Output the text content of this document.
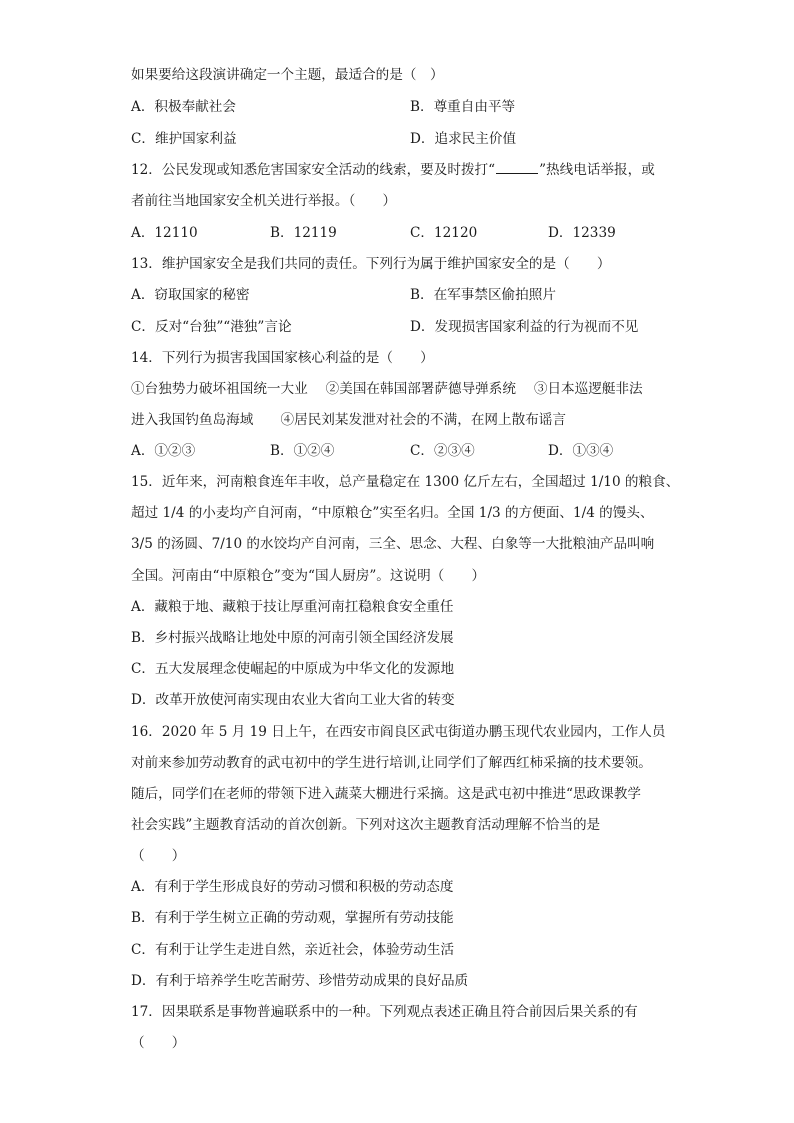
如果要给这段演讲确定一个主题，最适合的是（　）
A．积极奉献社会	B．尊重自由平等
C．维护国家利益	D．追求民主价值
12．公民发现或知悉危害国家安全活动的线索，要及时拨打“	”热线电话举报，或
者前往当地国家安全机关进行举报。（　　）
A．12110	B．12119	C．12120	D．12339
13．维护国家安全是我们共同的责任。下列行为属于维护国家安全的是（　　）
A．窃取国家的秘密	B．在军事禁区偷拍照片
C．反对“台独”“港独”言论	D．发现损害国家利益的行为视而不见
14．下列行为损害我国国家核心利益的是（　　）
①台独势力破坏祖国统一大业　 ②美国在韩国部署萨德导弹系统　 ③日本巡逻艇非法
进入我国钓鱼岛海域　　④居民刘某发泄对社会的不满，在网上散布谣言
A．①②③	B．①②④	C．②③④	D．①③④
15．近年来，河南粮食连年丰收，总产量稳定在 1300 亿斤左右，全国超过 1/10 的粮食、
超过 1/4 的小麦均产自河南，“中原粮仓”实至名归。全国 1/3 的方便面、1/4 的馒头、
3/5 的汤圆、7/10 的水饺均产自河南，三全、思念、大程、白象等一大批粮油产品叫响
全国。河南由“中原粮仓”变为“国人厨房”。这说明（　　）
A．藏粮于地、藏粮于技让厚重河南扛稳粮食安全重任
B．乡村振兴战略让地处中原的河南引领全国经济发展
C．五大发展理念使崛起的中原成为中华文化的发源地
D．改革开放使河南实现由农业大省向工业大省的转变
16．2020 年 5 月 19 日上午，在西安市阎良区武屯街道办鹏玉现代农业园内，工作人员
对前来参加劳动教育的武屯初中的学生进行培训,让同学们了解西红柿采摘的技术要领。
随后，同学们在老师的带领下进入蔬菜大棚进行采摘。这是武屯初中推进“思政课教学
社会实践”主题教育活动的首次创新。下列对这次主题教育活动理解不恰当的是
（　　）
A．有利于学生形成良好的劳动习惯和积极的劳动态度
B．有利于学生树立正确的劳动观，掌握所有劳动技能
C．有利于让学生走进自然，亲近社会，体验劳动生活
D．有利于培养学生吃苦耐劳、珍惜劳动成果的良好品质
17．因果联系是事物普遍联系中的一种。下列观点表述正确且符合前因后果关系的有
（　　）
